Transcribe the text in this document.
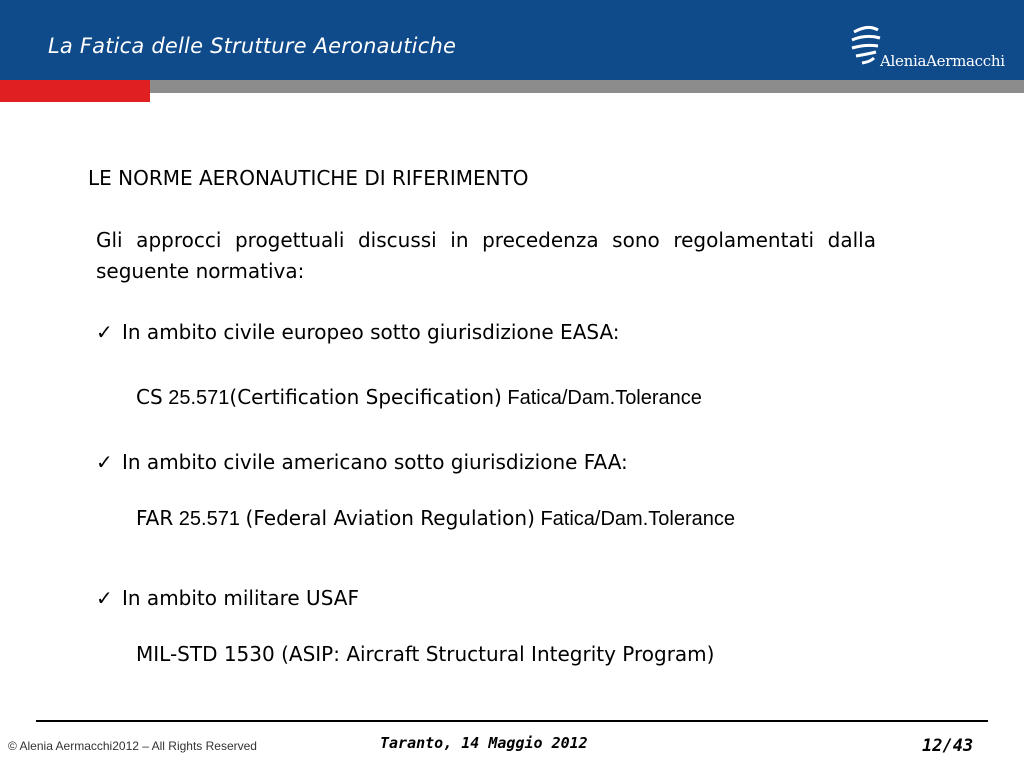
La Fatica delle Strutture Aeronautiche
AleniaAermacchi
LE NORME AERONAUTICHE DI RIFERIMENTO
Gli approcci progettuali discussi in precedenza sono regolamentati dalla seguente normativa:
✓ In ambito civile europeo sotto giurisdizione EASA:
CS 25.571(Certification Specification) Fatica/Dam.Tolerance
✓ In ambito civile americano sotto giurisdizione FAA:
FAR 25.571 (Federal Aviation Regulation) Fatica/Dam.Tolerance
✓ In ambito militare USAF
MIL-STD 1530 (ASIP: Aircraft Structural Integrity Program)
© Alenia Aermacchi2012 – All Rights Reserved	Taranto, 14 Maggio 2012	12/43
